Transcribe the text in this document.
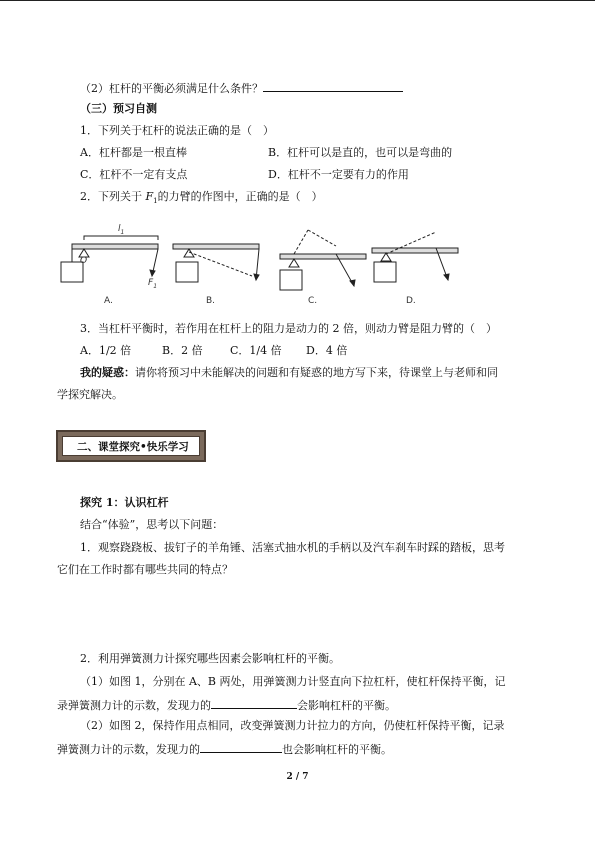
（2）杠杆的平衡必须满足什么条件？
（三）预习自测
1．下列关于杠杆的说法正确的是（　）
A．杠杆都是一根直棒	B．杠杆可以是直的，也可以是弯曲的
C．杠杆不一定有支点	D．杠杆不一定要有力的作用
2．下列关于 $F_1$的力臂的作图中，正确的是（　）
A.	B.	C.	D.
$l_1$
O
$F_1$
3．当杠杆平衡时，若作用在杠杆上的阻力是动力的 2 倍，则动力臂是阻力臂的（　）
A．1/2 倍	B．2 倍 C．1/4 倍 D．4 倍
我的疑惑：请你将预习中未能解决的问题和有疑惑的地方写下来，待课堂上与老师和同
学探究解决。
二、课堂探究•快乐学习
探究 1：认识杠杆
结合“体验”，思考以下问题：
1．观察跷跷板、拔钉子的羊角锤、活塞式抽水机的手柄以及汽车刹车时踩的踏板，思考
它们在工作时都有哪些共同的特点？
2．利用弹簧测力计探究哪些因素会影响杠杆的平衡。
（1）如图 1，分别在 A、B 两处，用弹簧测力计竖直向下拉杠杆，使杠杆保持平衡，记
录弹簧测力计的示数，发现力的	会影响杠杆的平衡。
（2）如图 2，保持作用点相同，改变弹簧测力计拉力的方向，仍使杠杆保持平衡，记录
弹簧测力计的示数，发现力的	也会影响杠杆的平衡。
2 / 7
